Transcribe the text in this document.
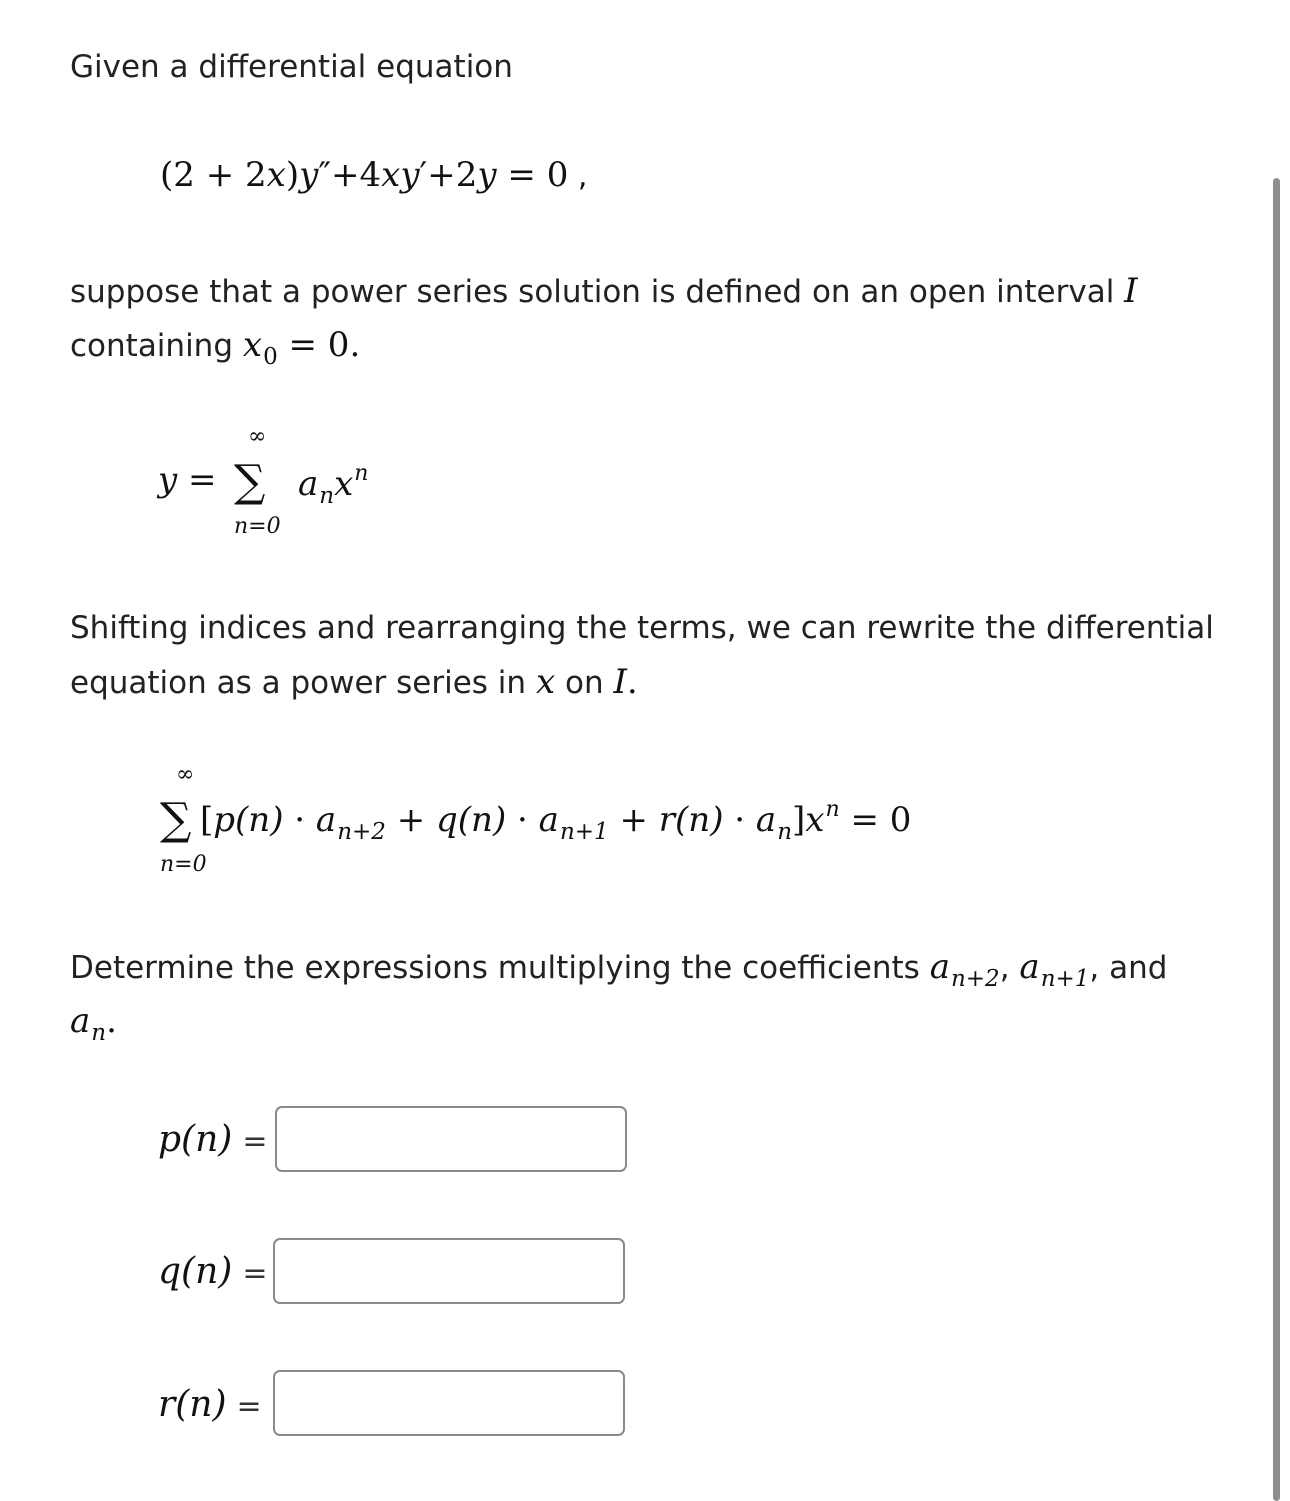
Given a differential equation
(2 + 2x)y″+4xy′+2y = 0 ,
suppose that a power series solution is defined on an open interval I
containing $x_0 = 0$.
y =
∞
∑
n=0
$a_nx^n$
Shifting indices and rearranging the terms, we can rewrite the differential
equation as a power series in x on I.
∞
∑
n=0
$[p(n) \cdot a_{n+2} + q(n) \cdot a_{n+1} + r(n) \cdot a_n]x^n = 0$
Determine the expressions multiplying the coefficients $a_{n+2}$, $a_{n+1}$, and
$a_n$.
p(n) =
q(n) =
r(n) =
